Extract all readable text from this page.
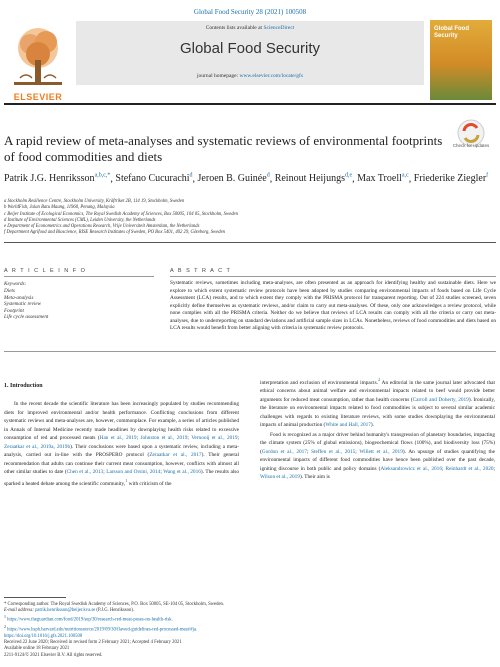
Global Food Security 28 (2021) 100508
ELSEVIER
Contents lists available at ScienceDirect
Global Food Security
journal homepage: www.elsevier.com/locate/gfs
Global Food Security
Check for updates
A rapid review of meta-analyses and systematic reviews of environmental footprints of food commodities and diets
Patrik J.G. Henriksson$^{a,b,c,*}$, Stefano Cucurachi$^d$, Jeroen B. Guinée$^d$, Reinout Heijungs$^{d,e}$, Max Troell$^{a,c}$, Friederike Ziegler$^f$
a Stockholm Resilience Centre, Stockholm University, Kräftriket 2B, 114 19, Stockholm, Sweden
b WorldFish, Jalan Batu Maung, 11960, Penang, Malaysia
c Beijer Institute of Ecological Economics, The Royal Swedish Academy of Sciences, Box 50005, 104 05, Stockholm, Sweden
d Institute of Environmental Sciences (CML), Leiden University, the Netherlands
e Department of Econometrics and Operations Research, Vrije Universiteit Amsterdam, the Netherlands
f Department Agrifood and Bioscience, RISE Research Institutes of Sweden, PO Box 5401, 402 29, Göteborg, Sweden
A R T I C L E I N F O
Keywords:
Diets
Meta-analysis
Systematic review
Footprint
Life cycle assessment
A B S T R A C T
Systematic reviews, sometimes including meta-analyses, are often presented as an approach for identifying healthy and sustainable diets. Here we explore to which extent systematic review protocols have been adopted by studies comparing environmental impacts of foods based on Life Cycle Assessment (LCA) results, and to which extent they comply with the PRISMA protocol for transparent reporting. Out of 224 studies screened, seven explicitly define themselves as systematic reviews, and/or claim to carry out meta-analyses. Of these, only one acknowledges a review protocol, while none complies with all the PRISMA criteria. Neither do we believe that reviews of LCA results can comply with all the criteria or carry out meta-analyses, due to underreporting on standard deviations and artificial sample sizes in LCAs. Nonetheless, reviews of food commodities and diets based on LCA results would benefit from better aligning with criteria in systematic review protocols.
1. Introduction

In the recent decade the scientific literature has been increasingly populated by studies recommending diets for improved environmental and/or health performance. Conflicting conclusions from different systematic reviews and meta-analyses are, however, commonplace. For example, a series of articles published in Annals of Internal Medicine recently made headlines by downplaying health risks related to excessive consumption of red and processed meats (Han et al., 2019; Johnston et al., 2019; Vernooij et al., 2019; Zeraatkar et al., 2019a, 2019b). Their conclusions were based upon a systematic review, including a meta-analysis, carried out in-line with the PROSPERO protocol (Zeraatkar et al., 2017). Their general recommendation that adults can continue their current meat consumption, however, conflicts with almost all other similar studies to date (Chen et al., 2013; Larsson and Orsini, 2014; Wang et al., 2016). The results also sparked a heated debate among the scientific community,$^1$ with criticism of the

interpretation and exclusion of environmental impacts.$^2$ An editorial in the same journal later advocated that ethical concerns about animal welfare and environmental impacts related to beef would provide better arguments for reduced meat consumption, rather than health concerns (Carroll and Doherty, 2019). Ironically, the literature on environmental impacts related to food commodities is subject to several similar academic challenges with regards to existing literature reviews, with some studies downplaying the environmental impacts of animal production (White and Hall, 2017).

Food is recognized as a major driver behind humanity's transgression of planetary boundaries, impacting the climate system (25% of global emissions), biogeochemical flows (100%), and biodiversity loss (75%) (Gordon et al., 2017; Steffen et al., 2015; Willett et al., 2019). An upsurge of studies quantifying the environmental impacts of different food commodities have hence been published over the past decade, igniting discourse in both public and policy domains (Aleksandrowicz et al., 2016; Reinhardt et al., 2020; Wilson et al., 2019). Their aim is

* Corresponding author. The Royal Swedish Academy of Sciences, P.O. Box 50005, SE-104 05, Stockholm, Sweden.
E-mail address: patrik.henriksson@beijer.kva.se (P.J.G. Henriksson).
$^1$ https://www.theguardian.com/food/2019/sep/30/research-red-meat-poses-no-health-risk.
$^2$ https://www.hsph.harvard.edu/nutritionsource/2019/09/30/flawed-guidelines-red-processed-meat/#ja.
https://doi.org/10.1016/j.gfs.2021.100508
Received 22 June 2020; Received in revised form 2 February 2021; Accepted 4 February 2021
Available online 18 February 2021
2211-9124/© 2021 Elsevier B.V. All rights reserved.
